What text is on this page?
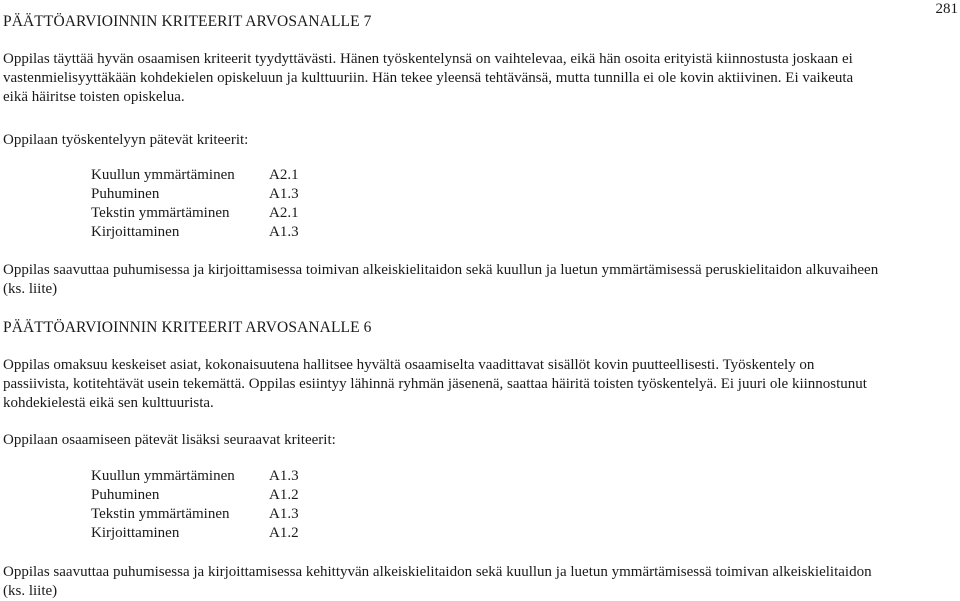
281
PÄÄTTÖARVIOINNIN KRITEERIT ARVOSANALLE 7
Oppilas täyttää hyvän osaamisen kriteerit tyydyttävästi. Hänen työskentelynsä on vaihtelevaa, eikä hän osoita erityistä kiinnostusta joskaan ei
vastenmielisyyttäkään kohdekielen opiskeluun ja kulttuuriin. Hän tekee yleensä tehtävänsä, mutta tunnilla ei ole kovin aktiivinen. Ei vaikeuta
eikä häiritse toisten opiskelua.
Oppilaan työskentelyyn pätevät kriteerit:
Kuullun ymmärtäminen	A2.1
Puhuminen	A1.3
Tekstin ymmärtäminen	A2.1
Kirjoittaminen	A1.3
Oppilas saavuttaa puhumisessa ja kirjoittamisessa toimivan alkeiskielitaidon sekä kuullun ja luetun ymmärtämisessä peruskielitaidon alkuvaiheen
(ks. liite)
PÄÄTTÖARVIOINNIN KRITEERIT ARVOSANALLE 6
Oppilas omaksuu keskeiset asiat, kokonaisuutena hallitsee hyvältä osaamiselta vaadittavat sisällöt kovin puutteellisesti. Työskentely on
passiivista, kotitehtävät usein tekemättä. Oppilas esiintyy lähinnä ryhmän jäsenenä, saattaa häiritä toisten työskentelyä. Ei juuri ole kiinnostunut
kohdekielestä eikä sen kulttuurista.
Oppilaan osaamiseen pätevät lisäksi seuraavat kriteerit:
Kuullun ymmärtäminen	A1.3
Puhuminen	A1.2
Tekstin ymmärtäminen	A1.3
Kirjoittaminen	A1.2
Oppilas saavuttaa puhumisessa ja kirjoittamisessa kehittyvän alkeiskielitaidon sekä kuullun ja luetun ymmärtämisessä toimivan alkeiskielitaidon
(ks. liite)
